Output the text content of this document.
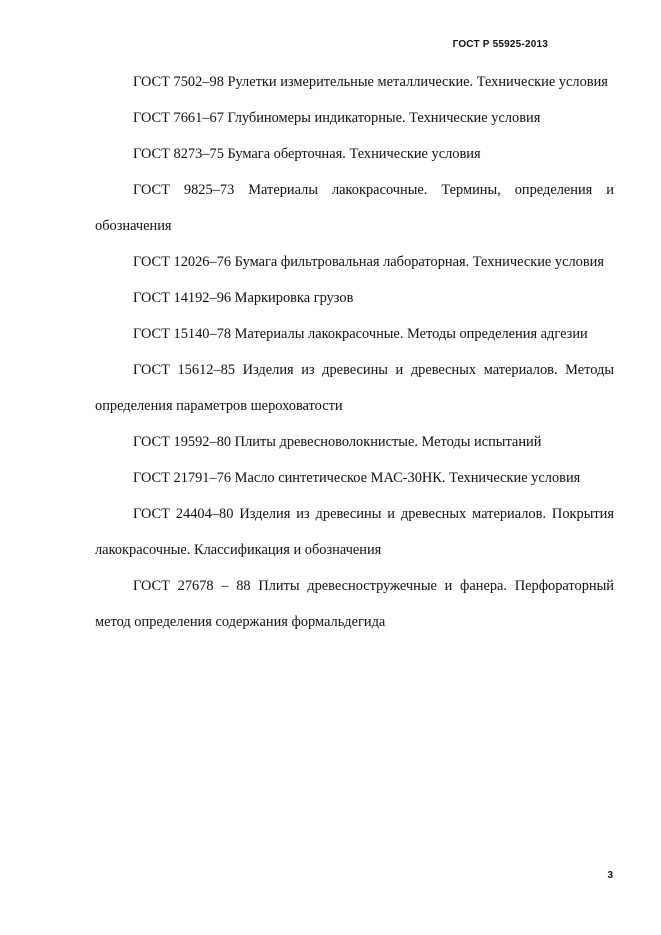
ГОСТ Р 55925-2013

ГОСТ 7502–98 Рулетки измерительные металлические. Технические условия

ГОСТ 7661–67 Глубиномеры индикаторные. Технические условия

ГОСТ 8273–75 Бумага оберточная. Технические условия

ГОСТ 9825–73 Материалы лакокрасочные. Термины, определения и обозначения

ГОСТ 12026–76 Бумага фильтровальная лабораторная. Технические условия

ГОСТ 14192–96 Маркировка грузов

ГОСТ 15140–78 Материалы лакокрасочные. Методы определения адгезии

ГОСТ 15612–85 Изделия из древесины и древесных материалов. Методы определения параметров шероховатости

ГОСТ 19592–80 Плиты древесноволокнистые. Методы испытаний

ГОСТ 21791–76 Масло синтетическое МАС-30НК. Технические условия

ГОСТ 24404–80 Изделия из древесины и древесных материалов. Покрытия лакокрасочные. Классификация и обозначения

ГОСТ 27678 – 88 Плиты древесностружечные и фанера. Перфораторный метод определения содержания формальдегида

3
